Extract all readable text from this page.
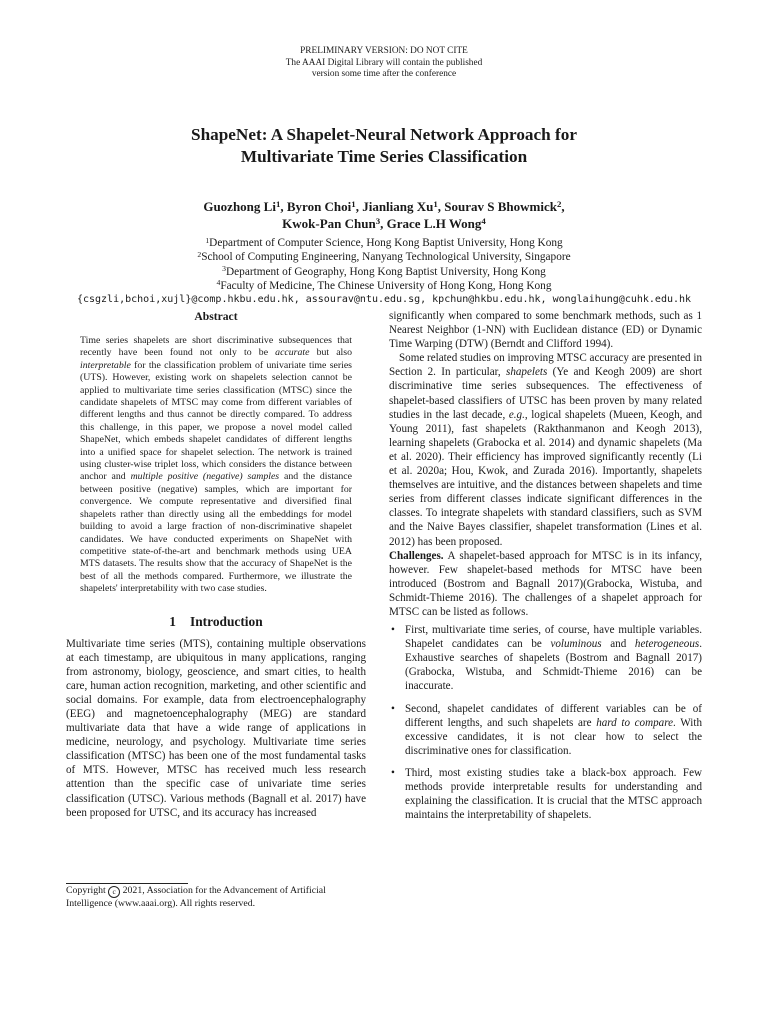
PRELIMINARY VERSION: DO NOT CITE
The AAAI Digital Library will contain the published
version some time after the conference
ShapeNet: A Shapelet-Neural Network Approach for
Multivariate Time Series Classification
Guozhong Li$^1$, Byron Choi$^1$, Jianliang Xu$^1$, Sourav S Bhowmick$^2$,
Kwok-Pan Chun$^3$, Grace L.H Wong$^4$
$^1$Department of Computer Science, Hong Kong Baptist University, Hong Kong
$^2$School of Computing Engineering, Nanyang Technological University, Singapore
$^3$Department of Geography, Hong Kong Baptist University, Hong Kong
$^4$Faculty of Medicine, The Chinese University of Hong Kong, Hong Kong
{csgzli,bchoi,xujl}@comp.hkbu.edu.hk, assourav@ntu.edu.sg, kpchun@hkbu.edu.hk, wonglaihung@cuhk.edu.hk
Abstract

Time series shapelets are short discriminative subsequences that recently have been found not only to be accurate but also interpretable for the classification problem of univariate time series (UTS). However, existing work on shapelets selection cannot be applied to multivariate time series classification (MTSC) since the candidate shapelets of MTSC may come from different variables of different lengths and thus cannot be directly compared. To address this challenge, in this paper, we propose a novel model called ShapeNet, which embeds shapelet candidates of different lengths into a unified space for shapelet selection. The network is trained using cluster-wise triplet loss, which considers the distance between anchor and multiple positive (negative) samples and the distance between positive (negative) samples, which are important for convergence. We compute representative and diversified final shapelets rather than directly using all the embeddings for model building to avoid a large fraction of non-discriminative shapelet candidates. We have conducted experiments on ShapeNet with competitive state-of-the-art and benchmark methods using UEA MTS datasets. The results show that the accuracy of ShapeNet is the best of all the methods compared. Furthermore, we illustrate the shapelets' interpretability with two case studies.

1 Introduction

Multivariate time series (MTS), containing multiple observations at each timestamp, are ubiquitous in many applications, ranging from astronomy, biology, geoscience, and smart cities, to health care, human action recognition, marketing, and other scientific and social domains. For example, data from electroencephalography (EEG) and magnetoencephalography (MEG) are standard multivariate data that have a wide range of applications in medicine, neurology, and psychology. Multivariate time series classification (MTSC) has been one of the most fundamental tasks of MTS. However, MTSC has received much less research attention than the specific case of univariate time series classification (UTSC). Various methods (Bagnall et al. 2017) have been proposed for UTSC, and its accuracy has increased

Copyright c 2021, Association for the Advancement of Artificial Intelligence (www.aaai.org). All rights reserved.

significantly when compared to some benchmark methods, such as 1 Nearest Neighbor (1-NN) with Euclidean distance (ED) or Dynamic Time Warping (DTW) (Berndt and Clifford 1994).

Some related studies on improving MTSC accuracy are presented in Section 2. In particular, shapelets (Ye and Keogh 2009) are short discriminative time series subsequences. The effectiveness of shapelet-based classifiers of UTSC has been proven by many related studies in the last decade, e.g., logical shapelets (Mueen, Keogh, and Young 2011), fast shapelets (Rakthanmanon and Keogh 2013), learning shapelets (Grabocka et al. 2014) and dynamic shapelets (Ma et al. 2020). Their efficiency has improved significantly recently (Li et al. 2020a; Hou, Kwok, and Zurada 2016). Importantly, shapelets themselves are intuitive, and the distances between shapelets and time series from different classes indicate significant differences in the classes. To integrate shapelets with standard classifiers, such as SVM and the Naive Bayes classifier, shapelet transformation (Lines et al. 2012) has been proposed.

Challenges. A shapelet-based approach for MTSC is in its infancy, however. Few shapelet-based methods for MTSC have been introduced (Bostrom and Bagnall 2017)(Grabocka, Wistuba, and Schmidt-Thieme 2016). The challenges of a shapelet approach for MTSC can be listed as follows.

• First, multivariate time series, of course, have multiple variables. Shapelet candidates can be voluminous and heterogeneous. Exhaustive searches of shapelets (Bostrom and Bagnall 2017)(Grabocka, Wistuba, and Schmidt-Thieme 2016) can be inaccurate.
• Second, shapelet candidates of different variables can be of different lengths, and such shapelets are hard to compare. With excessive candidates, it is not clear how to select the discriminative ones for classification.
• Third, most existing studies take a black-box approach. Few methods provide interpretable results for understanding and explaining the classification. It is crucial that the MTSC approach maintains the interpretability of shapelets.
